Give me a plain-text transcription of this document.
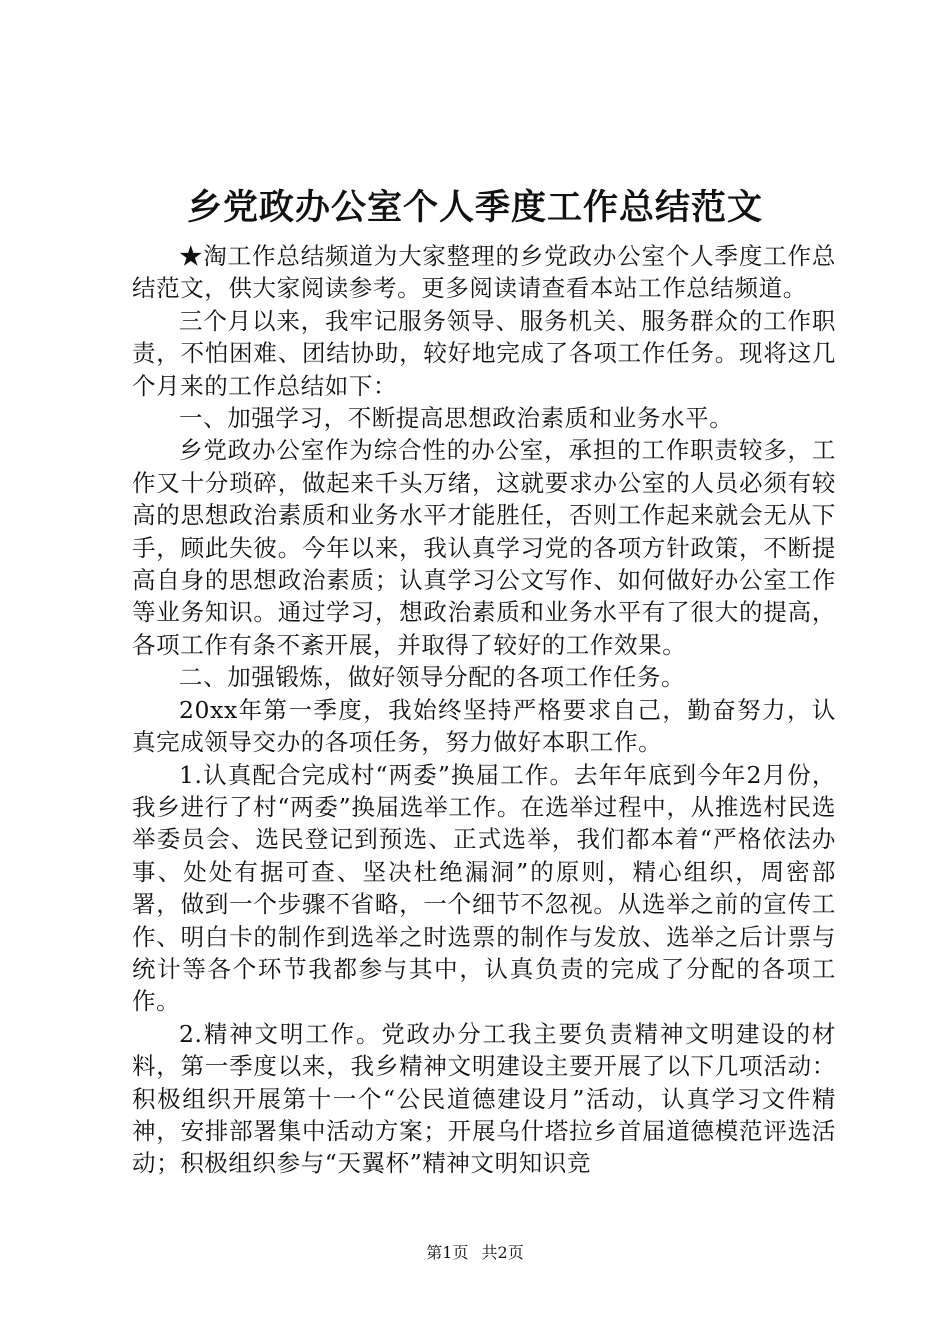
乡党政办公室个人季度工作总结范文

★淘工作总结频道为大家整理的乡党政办公室个人季度工作总结范文，供大家阅读参考。更多阅读请查看本站工作总结频道。

三个月以来，我牢记服务领导、服务机关、服务群众的工作职责，不怕困难、团结协助，较好地完成了各项工作任务。现将这几个月来的工作总结如下：

一、加强学习，不断提高思想政治素质和业务水平。

乡党政办公室作为综合性的办公室，承担的工作职责较多，工作又十分琐碎，做起来千头万绪，这就要求办公室的人员必须有较高的思想政治素质和业务水平才能胜任，否则工作起来就会无从下手，顾此失彼。今年以来，我认真学习党的各项方针政策，不断提高自身的思想政治素质；认真学习公文写作、如何做好办公室工作等业务知识。通过学习，想政治素质和业务水平有了很大的提高，各项工作有条不紊开展，并取得了较好的工作效果。

二、加强锻炼，做好领导分配的各项工作任务。

20xx年第一季度，我始终坚持严格要求自己，勤奋努力，认真完成领导交办的各项任务，努力做好本职工作。

1.认真配合完成村“两委”换届工作。去年年底到今年2月份，我乡进行了村“两委”换届选举工作。在选举过程中，从推选村民选举委员会、选民登记到预选、正式选举，我们都本着“严格依法办事、处处有据可查、坚决杜绝漏洞”的原则，精心组织，周密部署，做到一个步骤不省略，一个细节不忽视。从选举之前的宣传工作、明白卡的制作到选举之时选票的制作与发放、选举之后计票与统计等各个环节我都参与其中，认真负责的完成了分配的各项工作。

2.精神文明工作。党政办分工我主要负责精神文明建设的材料，第一季度以来，我乡精神文明建设主要开展了以下几项活动：积极组织开展第十一个“公民道德建设月”活动，认真学习文件精神，安排部署集中活动方案；开展乌什塔拉乡首届道德模范评选活动；积极组织参与“天翼杯”精神文明知识竞

第1页 共2页
